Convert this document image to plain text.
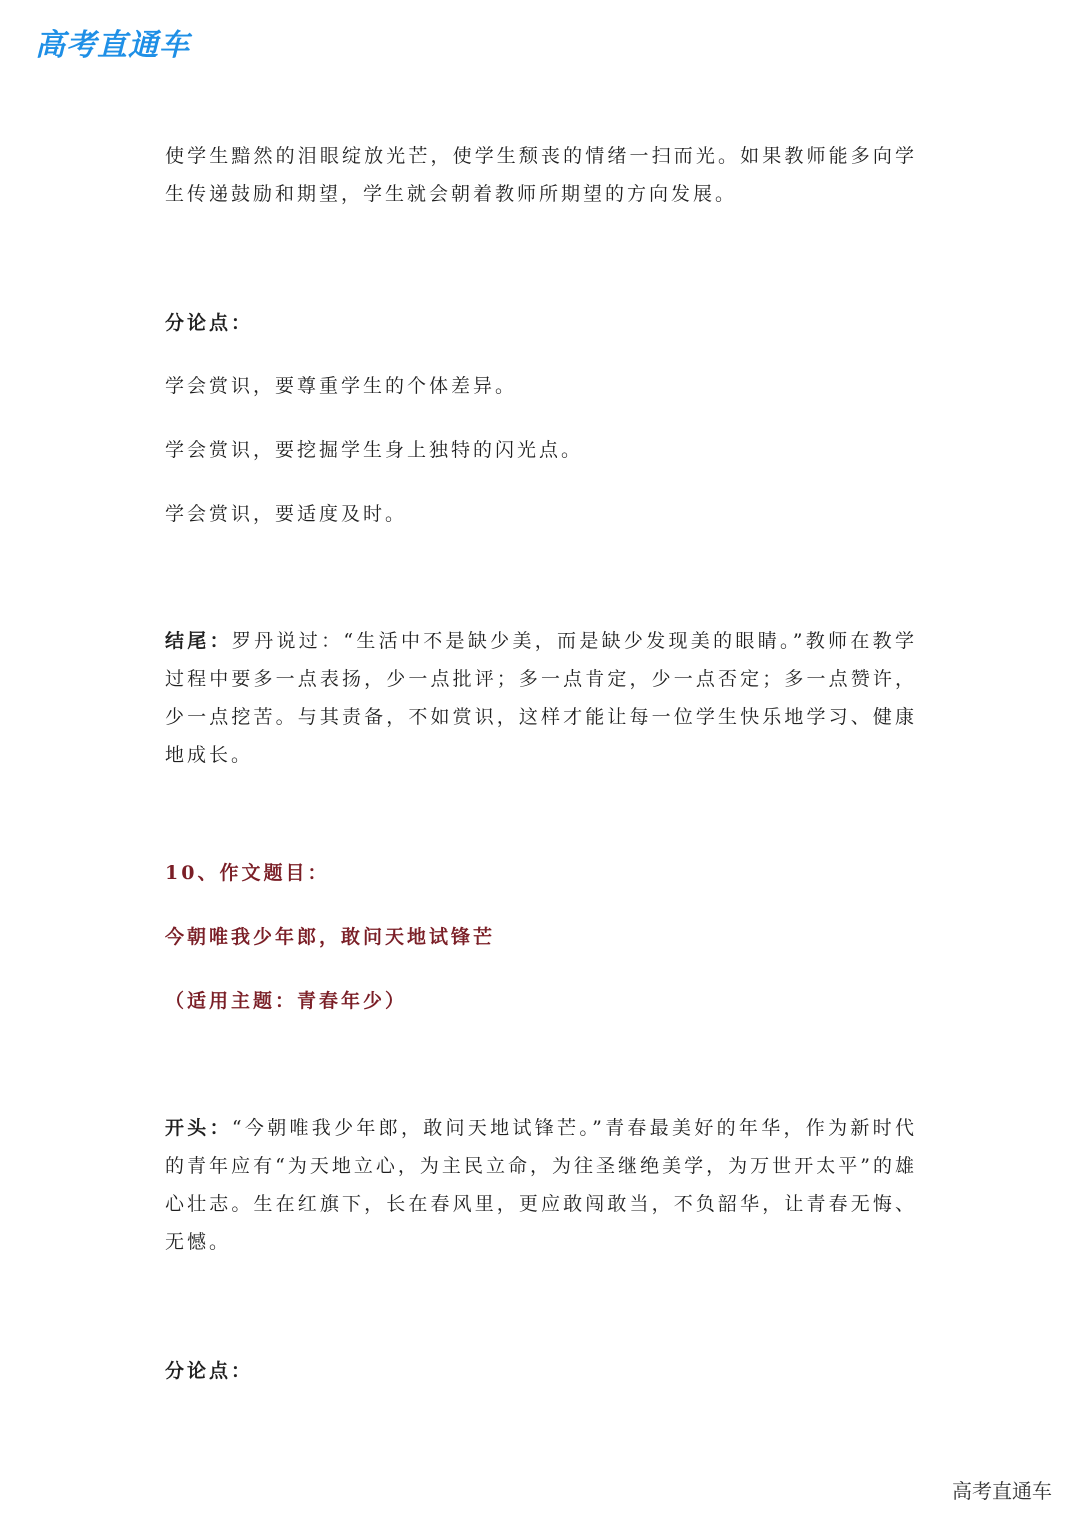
高考直通车

使学生黯然的泪眼绽放光芒，使学生颓丧的情绪一扫而光。如果教师能多向学生传递鼓励和期望，学生就会朝着教师所期望的方向发展。

分论点：

学会赏识，要尊重学生的个体差异。

学会赏识，要挖掘学生身上独特的闪光点。

学会赏识，要适度及时。

结尾：罗丹说过：“生活中不是缺少美，而是缺少发现美的眼睛。”教师在教学过程中要多一点表扬，少一点批评；多一点肯定，少一点否定；多一点赞许，少一点挖苦。与其责备，不如赏识，这样才能让每一位学生快乐地学习、健康地成长。

10、作文题目：

今朝唯我少年郎，敢问天地试锋芒

（适用主题：青春年少）

开头：“今朝唯我少年郎，敢问天地试锋芒。”青春最美好的年华，作为新时代的青年应有“为天地立心，为主民立命，为往圣继绝美学，为万世开太平”的雄心壮志。生在红旗下，长在春风里，更应敢闯敢当，不负韶华，让青春无悔、无憾。

分论点：

高考直通车
